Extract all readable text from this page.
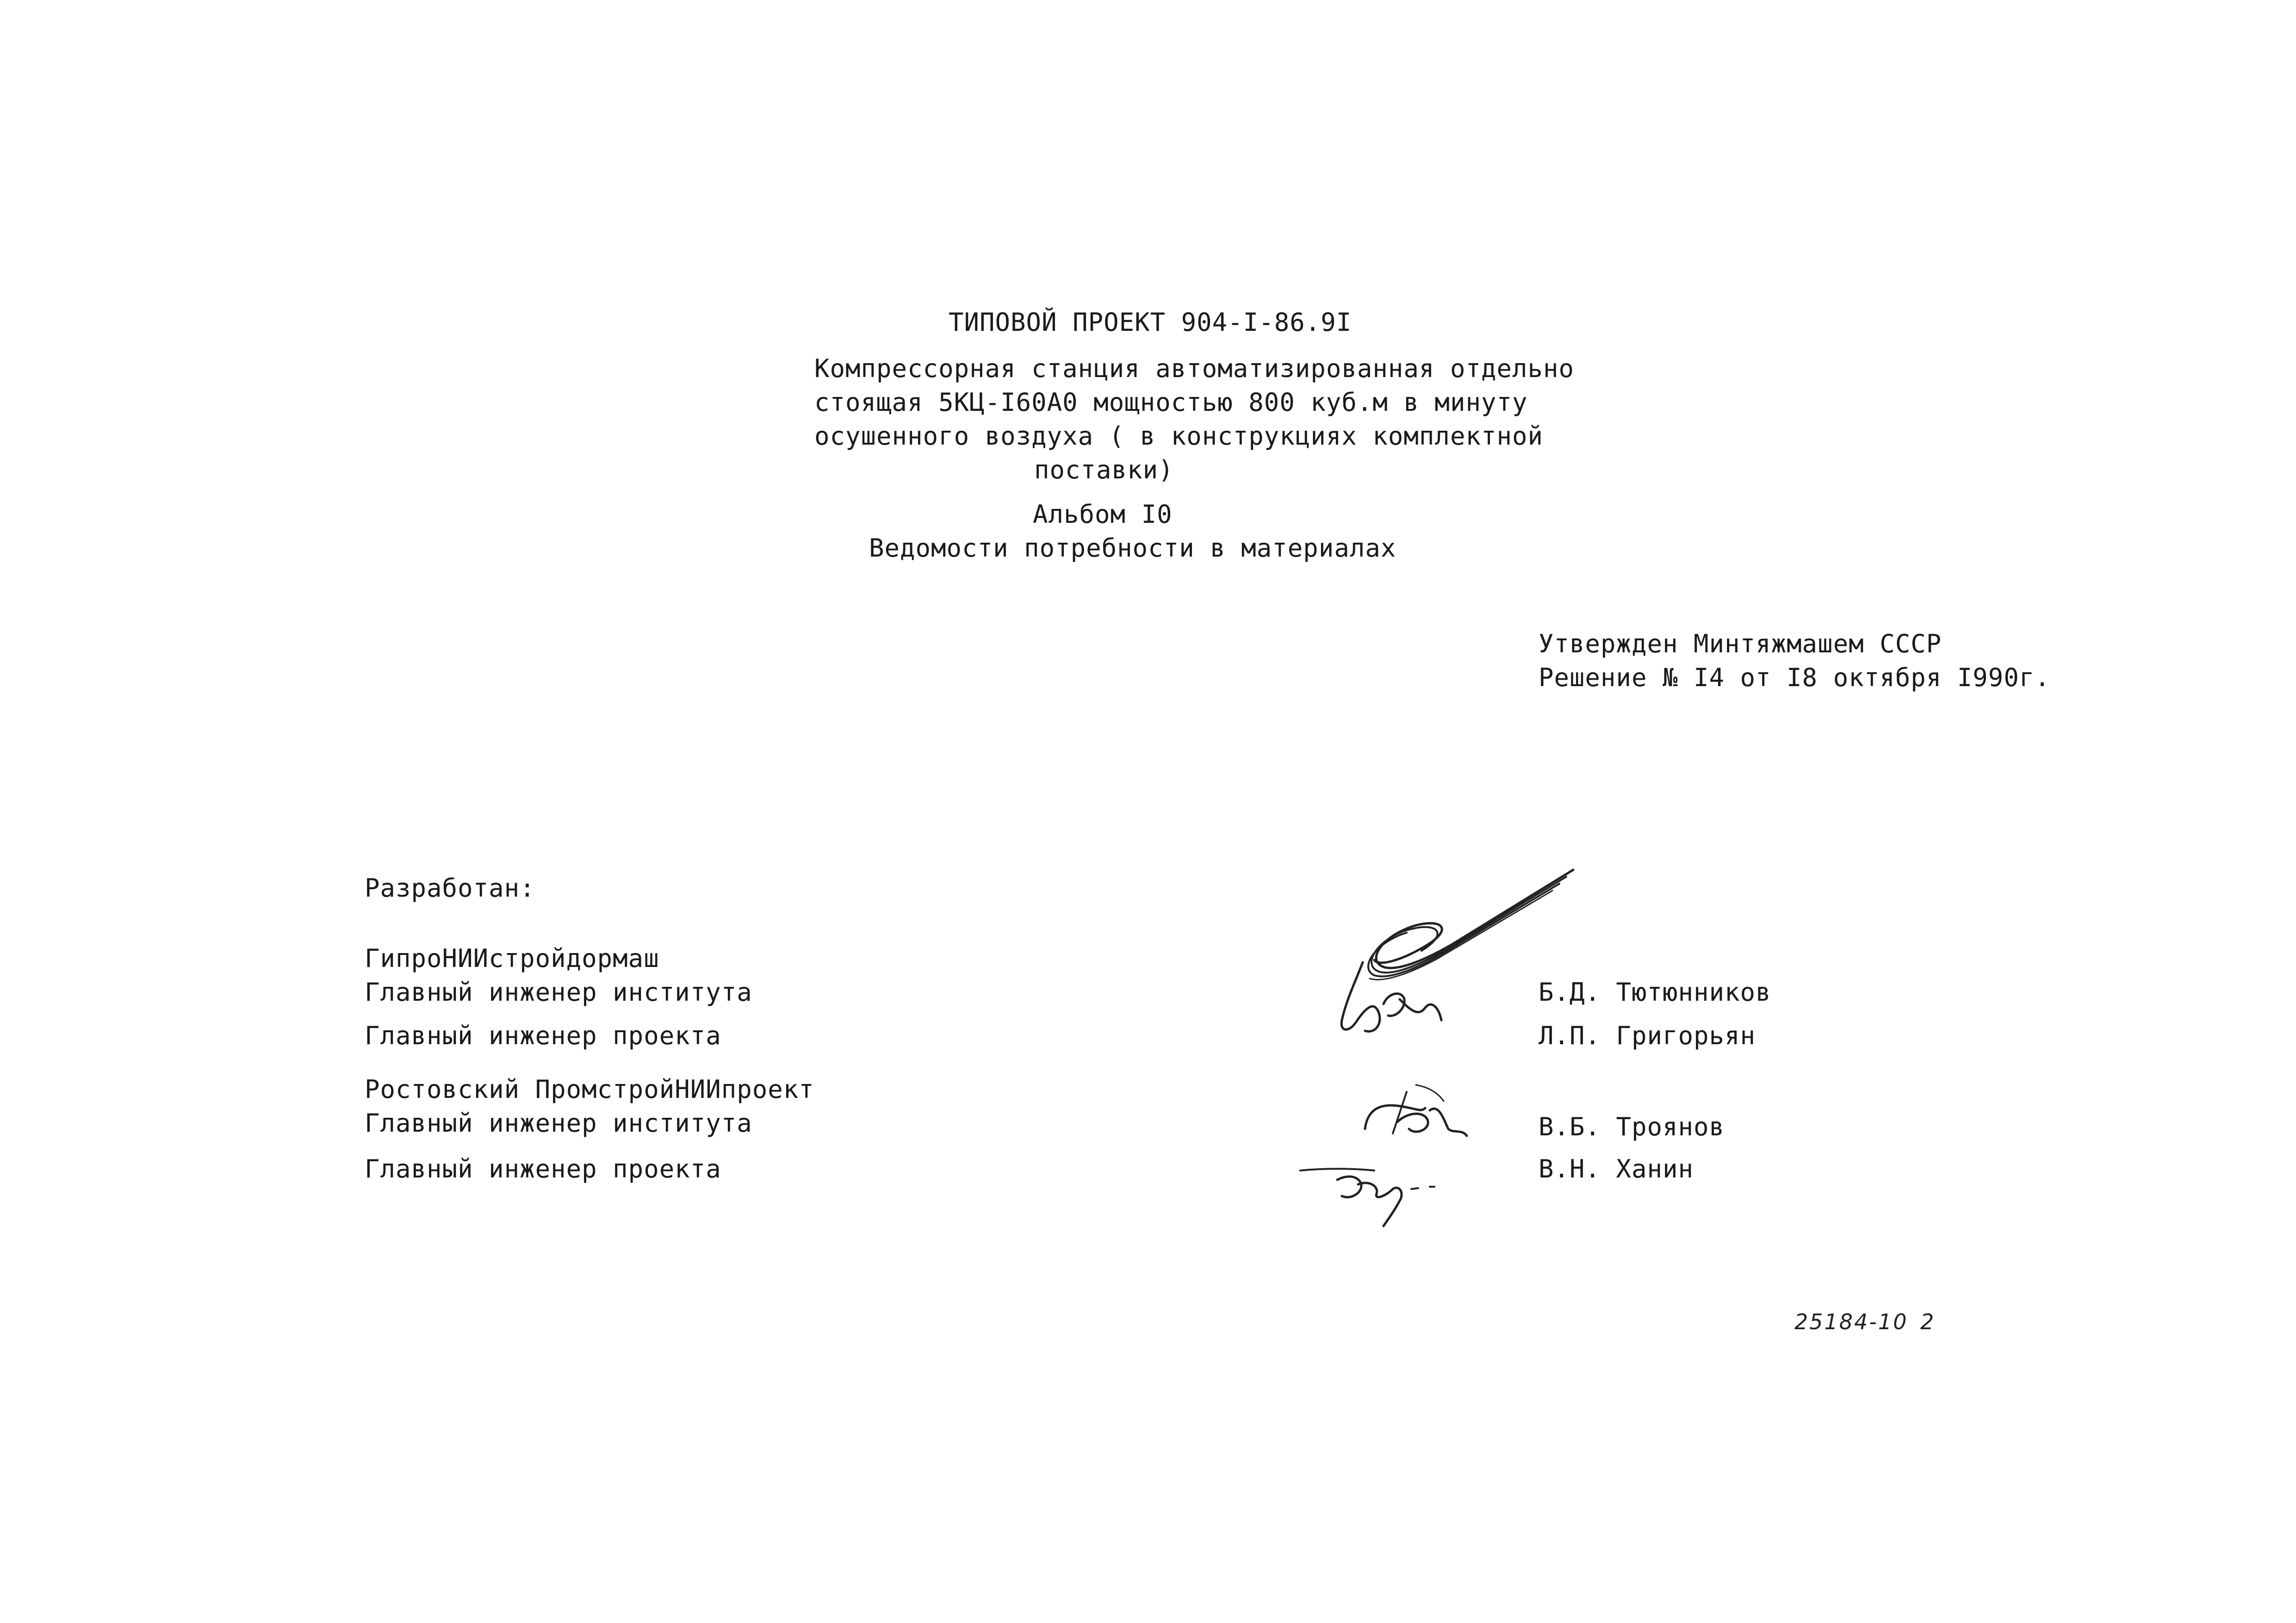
ТИПОВОЙ ПРОЕКТ 904-I-86.9I
Компрессорная станция автоматизированная отдельно
стоящая 5КЦ-I60А0 мощностью 800 куб.м в минуту
осушенного воздуха ( в конструкциях комплектной
поставки)
Альбом I0
Ведомости потребности в материалах
Утвержден Минтяжмашем СССР
Решение № I4 от I8 октября I990г.
Разработан:
ГипроНИИстройдормаш
Главный инженер института
Главный инженер проекта
Ростовский ПромстройНИИпроект
Главный инженер института
Главный инженер проекта
Б.Д. Тютюнников
Л.П. Григорьян
В.Б. Троянов
В.Н. Ханин
25184-10 2
